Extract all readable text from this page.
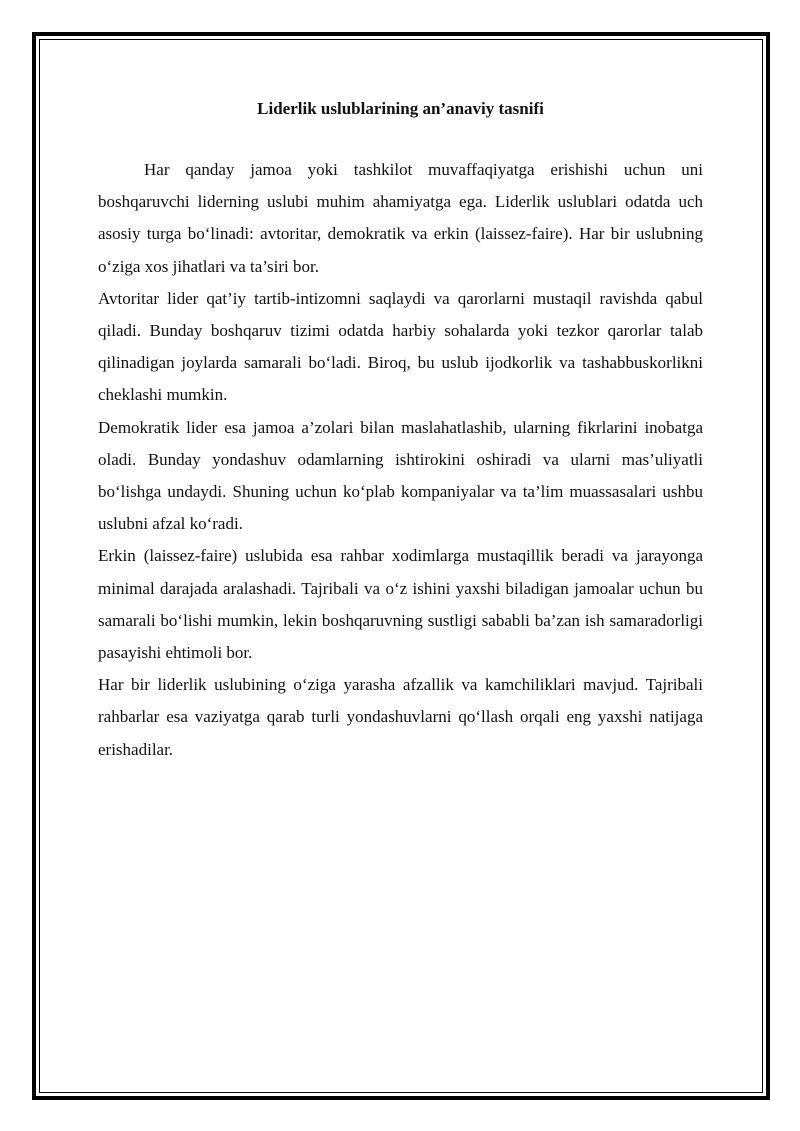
Liderlik uslublarining an’anaviy tasnifi

Har qanday jamoa yoki tashkilot muvaffaqiyatga erishishi uchun uni boshqaruvchi liderning uslubi muhim ahamiyatga ega. Liderlik uslublari odatda uch asosiy turga bo‘linadi: avtoritar, demokratik va erkin (laissez-faire). Har bir uslubning o‘ziga xos jihatlari va ta’siri bor.

Avtoritar lider qat’iy tartib-intizomni saqlaydi va qarorlarni mustaqil ravishda qabul qiladi. Bunday boshqaruv tizimi odatda harbiy sohalarda yoki tezkor qarorlar talab qilinadigan joylarda samarali bo‘ladi. Biroq, bu uslub ijodkorlik va tashabbuskorlikni cheklashi mumkin.

Demokratik lider esa jamoa a’zolari bilan maslahatlashib, ularning fikrlarini inobatga oladi. Bunday yondashuv odamlarning ishtirokini oshiradi va ularni mas’uliyatli bo‘lishga undaydi. Shuning uchun ko‘plab kompaniyalar va ta’lim muassasalari ushbu uslubni afzal ko‘radi.

Erkin (laissez-faire) uslubida esa rahbar xodimlarga mustaqillik beradi va jarayonga minimal darajada aralashadi. Tajribali va o‘z ishini yaxshi biladigan jamoalar uchun bu samarali bo‘lishi mumkin, lekin boshqaruvning sustligi sababli ba’zan ish samaradorligi pasayishi ehtimoli bor.

Har bir liderlik uslubining o‘ziga yarasha afzallik va kamchiliklari mavjud. Tajribali rahbarlar esa vaziyatga qarab turli yondashuvlarni qo‘llash orqali eng yaxshi natijaga erishadilar.
